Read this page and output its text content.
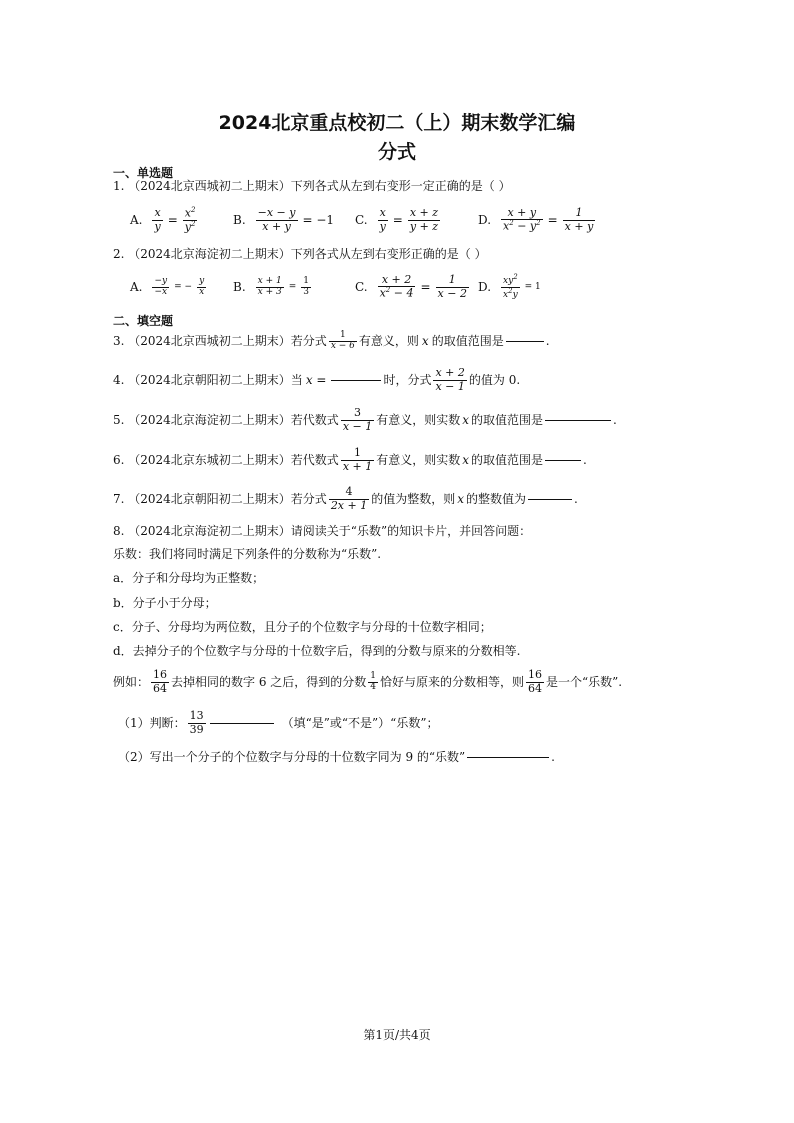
2024北京重点校初二（上）期末数学汇编
分式
一、单选题
1. （2024北京西城初二上期末）下列各式从左到右变形一定正确的是（ ）
A. $\frac{x}{y} = \frac{x^2}{y^2}$	B. $\frac{-x - y}{x + y} = -1$ C. $\frac{x}{y} = \frac{x + z}{y + z}$	D. $\frac{x + y}{x^2 - y^2} = \frac{1}{x + y}$
2. （2024北京海淀初二上期末）下列各式从左到右变形正确的是（ ）
A. $\frac{-y}{-x}$ = − $\frac{y}{x} B$. $\frac{x + 1}{x + 3} = \frac{1}{3}$	C. $\frac{x + 2}{x^2 - 4} = \frac{1}{x - 2} D$. $\frac{xy^2}{x^2y} = 1$
二、填空题
3. （2024北京西城初二上期末）若分式 $\frac{1}{x - 6}$ 有意义，则 x 的取值范围是	.
4. （2024北京朝阳初二上期末）当 x =	时，分式 $\frac{x + 2}{x - 1}$ 的值为 0.
5. （2024北京海淀初二上期末）若代数式 $\frac{3}{x - 1}$ 有意义，则实数 x 的取值范围是	.
6. （2024北京东城初二上期末）若代数式 $\frac{1}{x + 1}$ 有意义，则实数 x 的取值范围是	.
7. （2024北京朝阳初二上期末）若分式 $\frac{4}{2x + 1}$ 的值为整数，则 x 的整数值为	.
8. （2024北京海淀初二上期末）请阅读关于“乐数”的知识卡片，并回答问题：
乐数：我们将同时满足下列条件的分数称为“乐数”.
a．分子和分母均为正整数；
b．分子小于分母；
c．分子、分母均为两位数，且分子的个位数字与分母的十位数字相同；
d．去掉分子的个位数字与分母的十位数字后，得到的分数与原来的分数相等.
例如： $\frac{16}{64}$ 去掉相同的数字 6 之后，得到的分数 $\frac{1}{4}$ 恰好与原来的分数相等，则 $\frac{16}{64}$ 是一个“乐数”.
（1）判断： $\frac{13}{39}$	（填“是”或“不是”）“乐数”；
（2）写出一个分子的个位数字与分母的十位数字同为 9 的“乐数”	.
第1页/共4页
